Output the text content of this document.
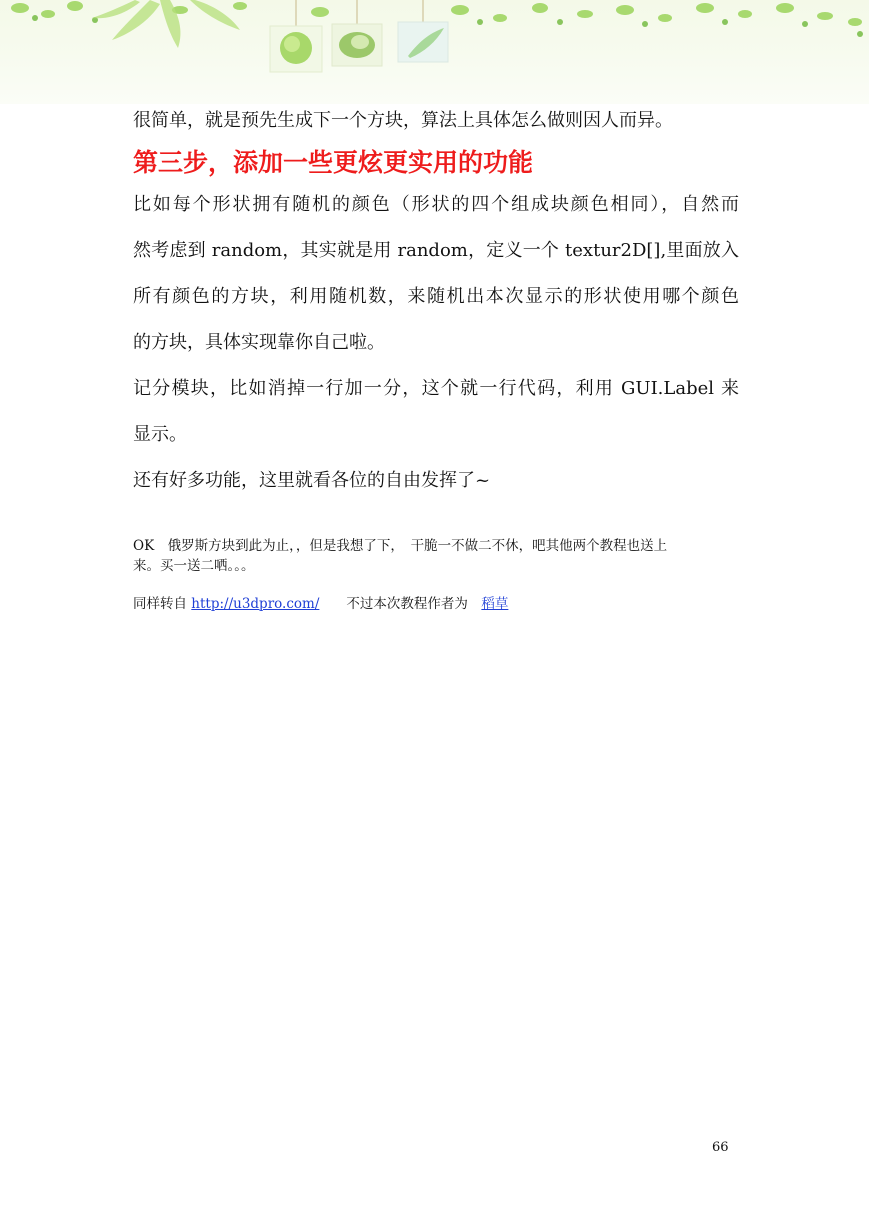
很简单，就是预先生成下一个方块，算法上具体怎么做则因人而异。

第三步，添加一些更炫更实用的功能

比如每个形状拥有随机的颜色（形状的四个组成块颜色相同），自然而

然考虑到 random，其实就是用 random，定义一个 textur2D[],里面放入

所有颜色的方块，利用随机数，来随机出本次显示的形状使用哪个颜色

的方块，具体实现靠你自己啦。

记分模块，比如消掉一行加一分，这个就一行代码，利用 GUI.Label 来

显示。

还有好多功能，这里就看各位的自由发挥了~

OK　俄罗斯方块到此为止，，但是我想了下，　干脆一不做二不休，吧其他两个教程也送上

来。买一送二哂。。。

同样转自 http://u3dpro.com/　　不过本次教程作者为　稻草

66
